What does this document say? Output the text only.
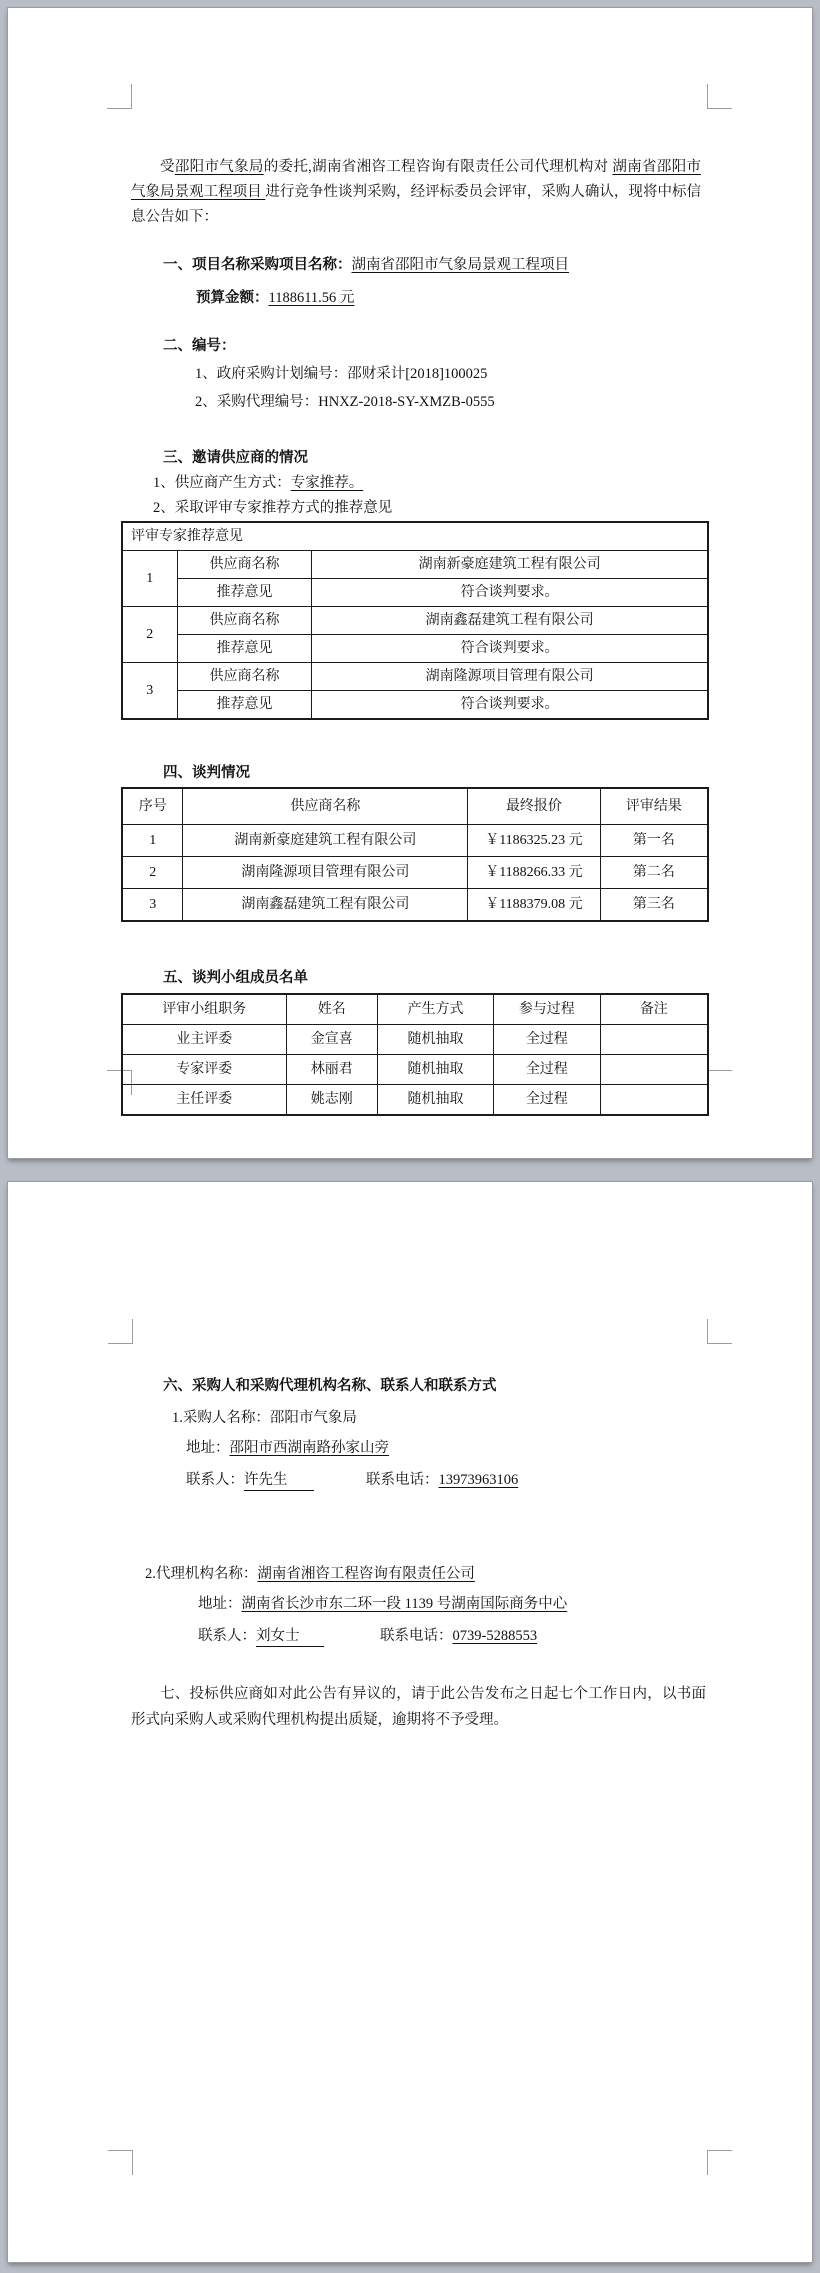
受邵阳市气象局的委托,湖南省湘咨工程咨询有限责任公司代理机构对 湖南省邵阳市气象局景观工程项目 进行竞争性谈判采购，经评标委员会评审，采购人确认，现将中标信息公告如下：

一、项目名称采购项目名称：湖南省邵阳市气象局景观工程项目

预算金额：1188611.56 元

二、编号：

1、政府采购计划编号：邵财采计[2018]100025

2、采购代理编号：HNXZ-2018-SY-XMZB-0555

三、邀请供应商的情况

1、供应商产生方式：专家推荐。

2、采取评审专家推荐方式的推荐意见

评审专家推荐意见		
1	供应商名称	湖南新豪庭建筑工程有限公司
	推荐意见	符合谈判要求。
2	供应商名称	湖南鑫磊建筑工程有限公司
	推荐意见	符合谈判要求。
3	供应商名称	湖南隆源项目管理有限公司
	推荐意见	符合谈判要求。

四、谈判情况

序号	供应商名称	最终报价	评审结果
1	湖南新豪庭建筑工程有限公司	￥1186325.23 元	第一名
2	湖南隆源项目管理有限公司	￥1188266.33 元	第二名
3	湖南鑫磊建筑工程有限公司	￥1188379.08 元	第三名

五、谈判小组成员名单

评审小组职务	姓名	产生方式	参与过程	备注
业主评委	金宣喜	随机抽取	全过程	
专家评委	林丽君	随机抽取	全过程	
主任评委	姚志刚	随机抽取	全过程	

六、采购人和采购代理机构名称、联系人和联系方式

1.采购人名称：邵阳市气象局

地址：邵阳市西湖南路孙家山旁

联系人：许先生	联系电话：13973963106

2.代理机构名称：湖南省湘咨工程咨询有限责任公司

地址：湖南省长沙市东二环一段 1139 号湖南国际商务中心

联系人：刘女士	联系电话：0739-5288553

七、投标供应商如对此公告有异议的，请于此公告发布之日起七个工作日内，以书面形式向采购人或采购代理机构提出质疑，逾期将不予受理。
